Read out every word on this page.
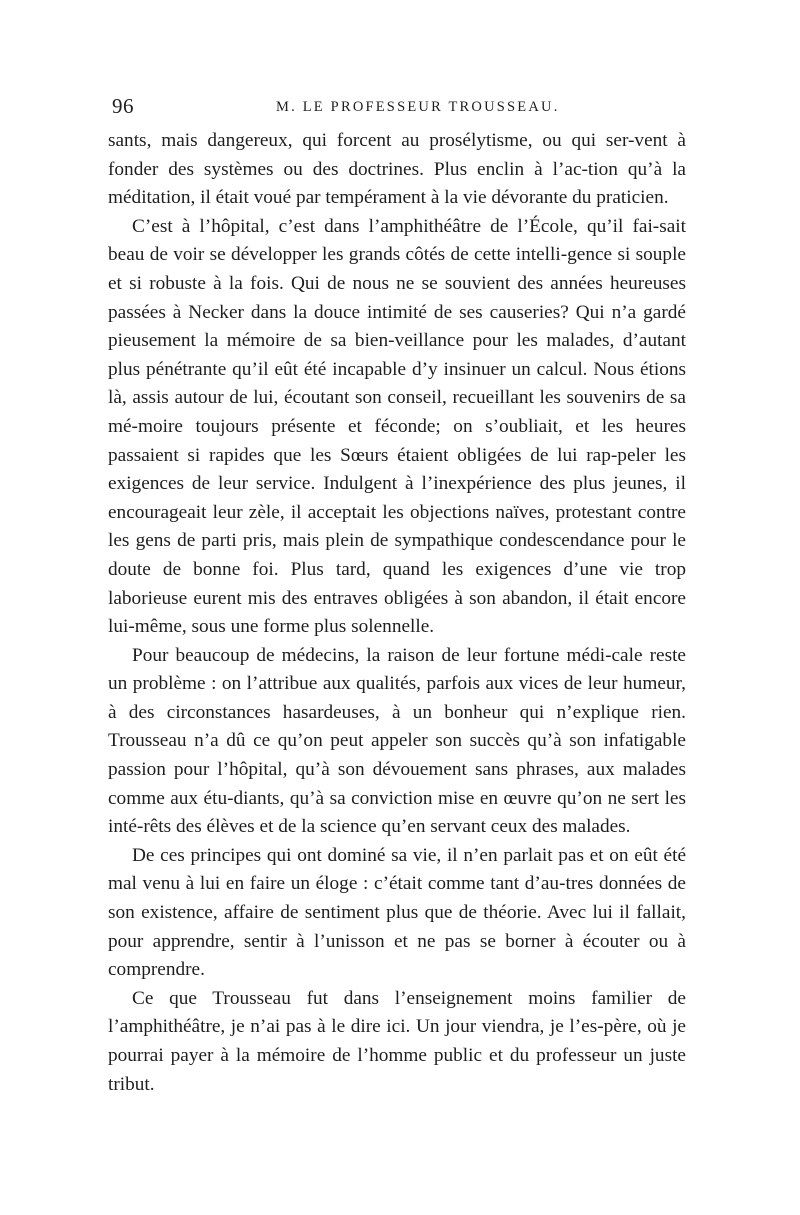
96	M. LE PROFESSEUR TROUSSEAU.

sants, mais dangereux, qui forcent au prosélytisme, ou qui ser-vent à fonder des systèmes ou des doctrines. Plus enclin à l’ac-tion qu’à la méditation, il était voué par tempérament à la vie dévorante du praticien.

C’est à l’hôpital, c’est dans l’amphithéâtre de l’École, qu’il fai-sait beau de voir se développer les grands côtés de cette intelli-gence si souple et si robuste à la fois. Qui de nous ne se souvient des années heureuses passées à Necker dans la douce intimité de ses causeries? Qui n’a gardé pieusement la mémoire de sa bien-veillance pour les malades, d’autant plus pénétrante qu’il eût été incapable d’y insinuer un calcul. Nous étions là, assis autour de lui, écoutant son conseil, recueillant les souvenirs de sa mé-moire toujours présente et féconde; on s’oubliait, et les heures passaient si rapides que les Sœurs étaient obligées de lui rap-peler les exigences de leur service. Indulgent à l’inexpérience des plus jeunes, il encourageait leur zèle, il acceptait les objections naïves, protestant contre les gens de parti pris, mais plein de sympathique condescendance pour le doute de bonne foi. Plus tard, quand les exigences d’une vie trop laborieuse eurent mis des entraves obligées à son abandon, il était encore lui-même, sous une forme plus solennelle.

Pour beaucoup de médecins, la raison de leur fortune médi-cale reste un problème : on l’attribue aux qualités, parfois aux vices de leur humeur, à des circonstances hasardeuses, à un bonheur qui n’explique rien. Trousseau n’a dû ce qu’on peut appeler son succès qu’à son infatigable passion pour l’hôpital, qu’à son dévouement sans phrases, aux malades comme aux étu-diants, qu’à sa conviction mise en œuvre qu’on ne sert les inté-rêts des élèves et de la science qu’en servant ceux des malades.

De ces principes qui ont dominé sa vie, il n’en parlait pas et on eût été mal venu à lui en faire un éloge : c’était comme tant d’au-tres données de son existence, affaire de sentiment plus que de théorie. Avec lui il fallait, pour apprendre, sentir à l’unisson et ne pas se borner à écouter ou à comprendre.

Ce que Trousseau fut dans l’enseignement moins familier de l’amphithéâtre, je n’ai pas à le dire ici. Un jour viendra, je l’es-père, où je pourrai payer à la mémoire de l’homme public et du professeur un juste tribut.
